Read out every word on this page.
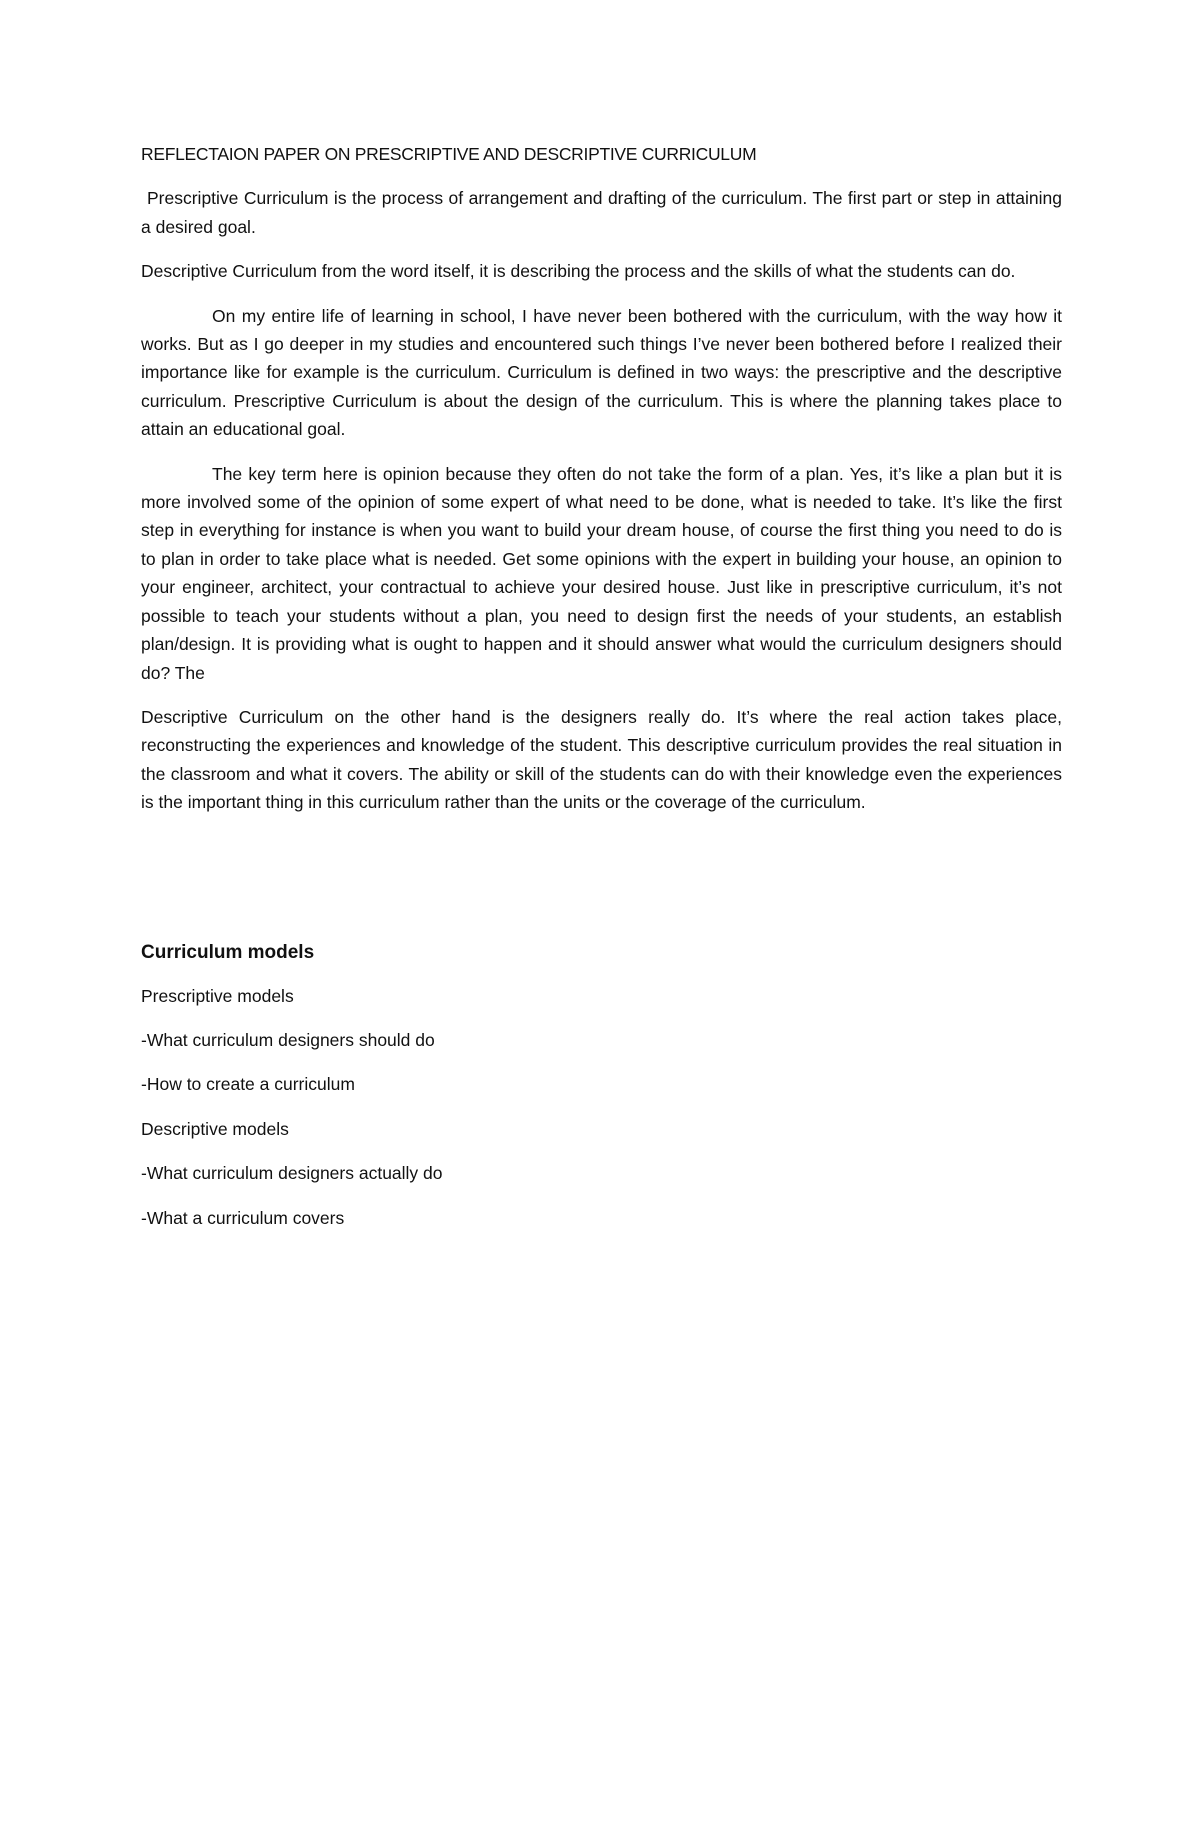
REFLECTAION PAPER ON PRESCRIPTIVE AND DESCRIPTIVE CURRICULUM

Prescriptive Curriculum is the process of arrangement and drafting of the curriculum. The first part or step in attaining a desired goal.

Descriptive Curriculum from the word itself, it is describing the process and the skills of what the students can do.

On my entire life of learning in school, I have never been bothered with the curriculum, with the way how it works. But as I go deeper in my studies and encountered such things I’ve never been bothered before I realized their importance like for example is the curriculum. Curriculum is defined in two ways: the prescriptive and the descriptive curriculum. Prescriptive Curriculum is about the design of the curriculum. This is where the planning takes place to attain an educational goal.

The key term here is opinion because they often do not take the form of a plan. Yes, it’s like a plan but it is more involved some of the opinion of some expert of what need to be done, what is needed to take. It’s like the first step in everything for instance is when you want to build your dream house, of course the first thing you need to do is to plan in order to take place what is needed. Get some opinions with the expert in building your house, an opinion to your engineer, architect, your contractual to achieve your desired house. Just like in prescriptive curriculum, it’s not possible to teach your students without a plan, you need to design first the needs of your students, an establish plan/design. It is providing what is ought to happen and it should answer what would the curriculum designers should do? The

Descriptive Curriculum on the other hand is the designers really do. It’s where the real action takes place, reconstructing the experiences and knowledge of the student. This descriptive curriculum provides the real situation in the classroom and what it covers. The ability or skill of the students can do with their knowledge even the experiences is the important thing in this curriculum rather than the units or the coverage of the curriculum.

Curriculum models

Prescriptive models

-What curriculum designers should do

-How to create a curriculum

Descriptive models

-What curriculum designers actually do

-What a curriculum covers
